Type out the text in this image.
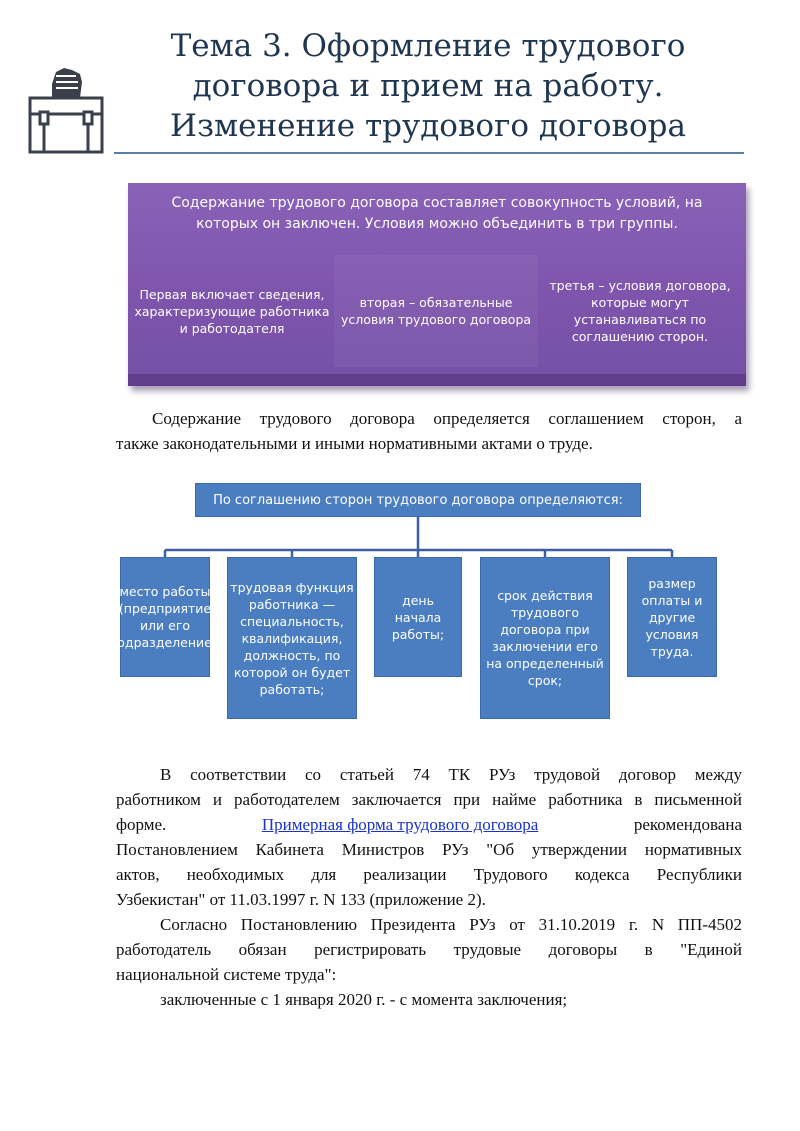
Тема 3. Оформление трудового
договора и прием на работу.
Изменение трудового договора
Содержание трудового договора составляет совокупность условий, на
которых он заключен. Условия можно объединить в три группы.
Первая включает сведения, характеризующие работника и работодателя
вторая – обязательные условия трудового договора
третья – условия договора, которые могут устанавливаться по соглашению сторон.
Содержание трудового договора определяется соглашением сторон, а
также законодательными и иными нормативными актами о труде.
По соглашению сторон трудового договора определяются:
место работы (предприятие или его подразделение);
трудовая функция работника — специальность, квалификация, должность, по которой он будет работать;
день начала работы;
срок действия трудового договора при заключении его на определенный срок;
размер оплаты и другие условия труда.
В соответствии со статьей 74 ТК РУз трудовой договор между
работником и работодателем заключается при найме работника в письменной
форме.	Примерная форма трудового договора	рекомендована
Постановлением Кабинета Министров РУз "Об утверждении нормативных
актов, необходимых для реализации Трудового кодекса Республики
Узбекистан" от 11.03.1997 г. N 133 (приложение 2).
Согласно Постановлению Президента РУз от 31.10.2019 г. N ПП-4502
работодатель обязан регистрировать трудовые договоры в "Единой
национальной системе труда":
заключенные с 1 января 2020 г. - с момента заключения;
